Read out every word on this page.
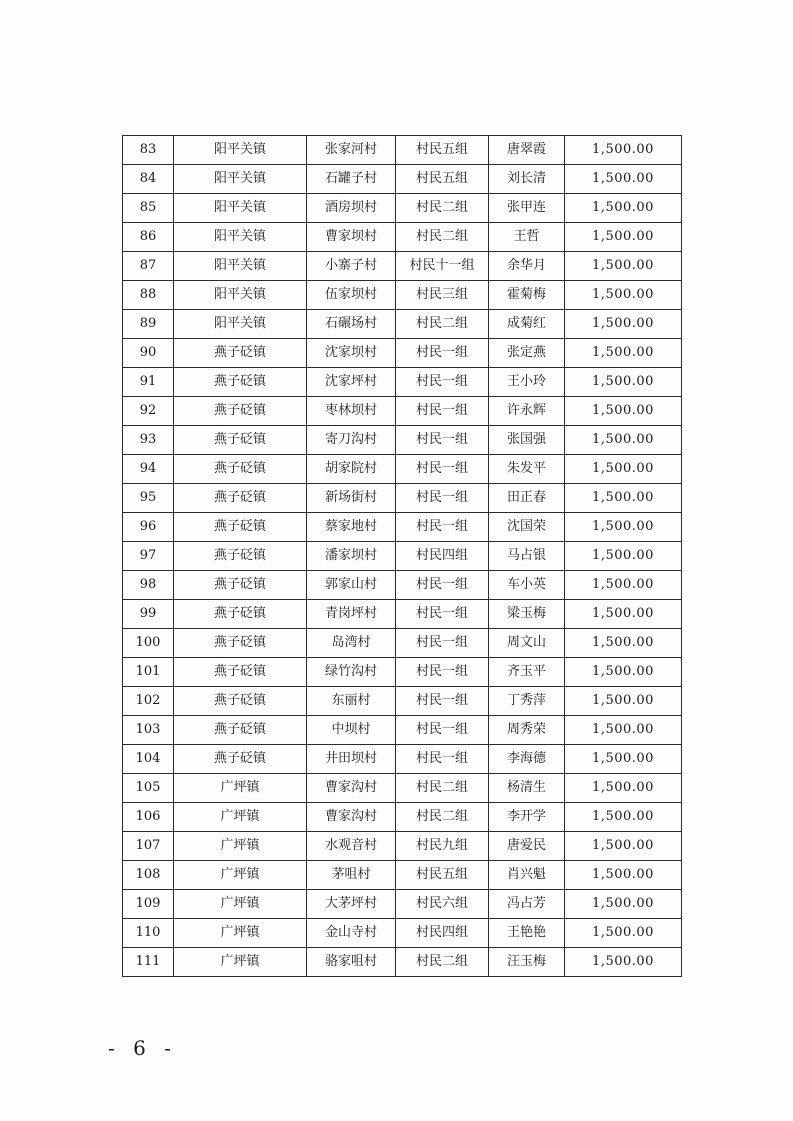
83	阳平关镇	张家河村	村民五组	唐翠霞	1,500.00
84	阳平关镇	石罐子村	村民五组	刘长清	1,500.00
85	阳平关镇	酒房坝村	村民二组	张甲连	1,500.00
86	阳平关镇	曹家坝村	村民二组	王哲	1,500.00
87	阳平关镇	小寨子村	村民十一组	余华月	1,500.00
88	阳平关镇	伍家坝村	村民三组	霍菊梅	1,500.00
89	阳平关镇	石碾场村	村民二组	成菊红	1,500.00
90	燕子砭镇	沈家坝村	村民一组	张定燕	1,500.00
91	燕子砭镇	沈家坪村	村民一组	王小玲	1,500.00
92	燕子砭镇	枣林坝村	村民一组	许永辉	1,500.00
93	燕子砭镇	寄刀沟村	村民一组	张国强	1,500.00
94	燕子砭镇	胡家院村	村民一组	朱发平	1,500.00
95	燕子砭镇	新场街村	村民一组	田正春	1,500.00
96	燕子砭镇	蔡家地村	村民一组	沈国荣	1,500.00
97	燕子砭镇	潘家坝村	村民四组	马占银	1,500.00
98	燕子砭镇	郭家山村	村民一组	车小英	1,500.00
99	燕子砭镇	青岗坪村	村民一组	梁玉梅	1,500.00
100	燕子砭镇	岛湾村	村民一组	周文山	1,500.00
101	燕子砭镇	绿竹沟村	村民一组	齐玉平	1,500.00
102	燕子砭镇	东丽村	村民一组	丁秀萍	1,500.00
103	燕子砭镇	中坝村	村民一组	周秀荣	1,500.00
104	燕子砭镇	井田坝村	村民一组	李海德	1,500.00
105	广坪镇	曹家沟村	村民二组	杨清生	1,500.00
106	广坪镇	曹家沟村	村民二组	李开学	1,500.00
107	广坪镇	水观音村	村民九组	唐爱民	1,500.00
108	广坪镇	茅咀村	村民五组	肖兴魁	1,500.00
109	广坪镇	大茅坪村	村民六组	冯占芳	1,500.00
110	广坪镇	金山寺村	村民四组	王艳艳	1,500.00
111	广坪镇	骆家咀村	村民二组	汪玉梅	1,500.00
- 6 -
